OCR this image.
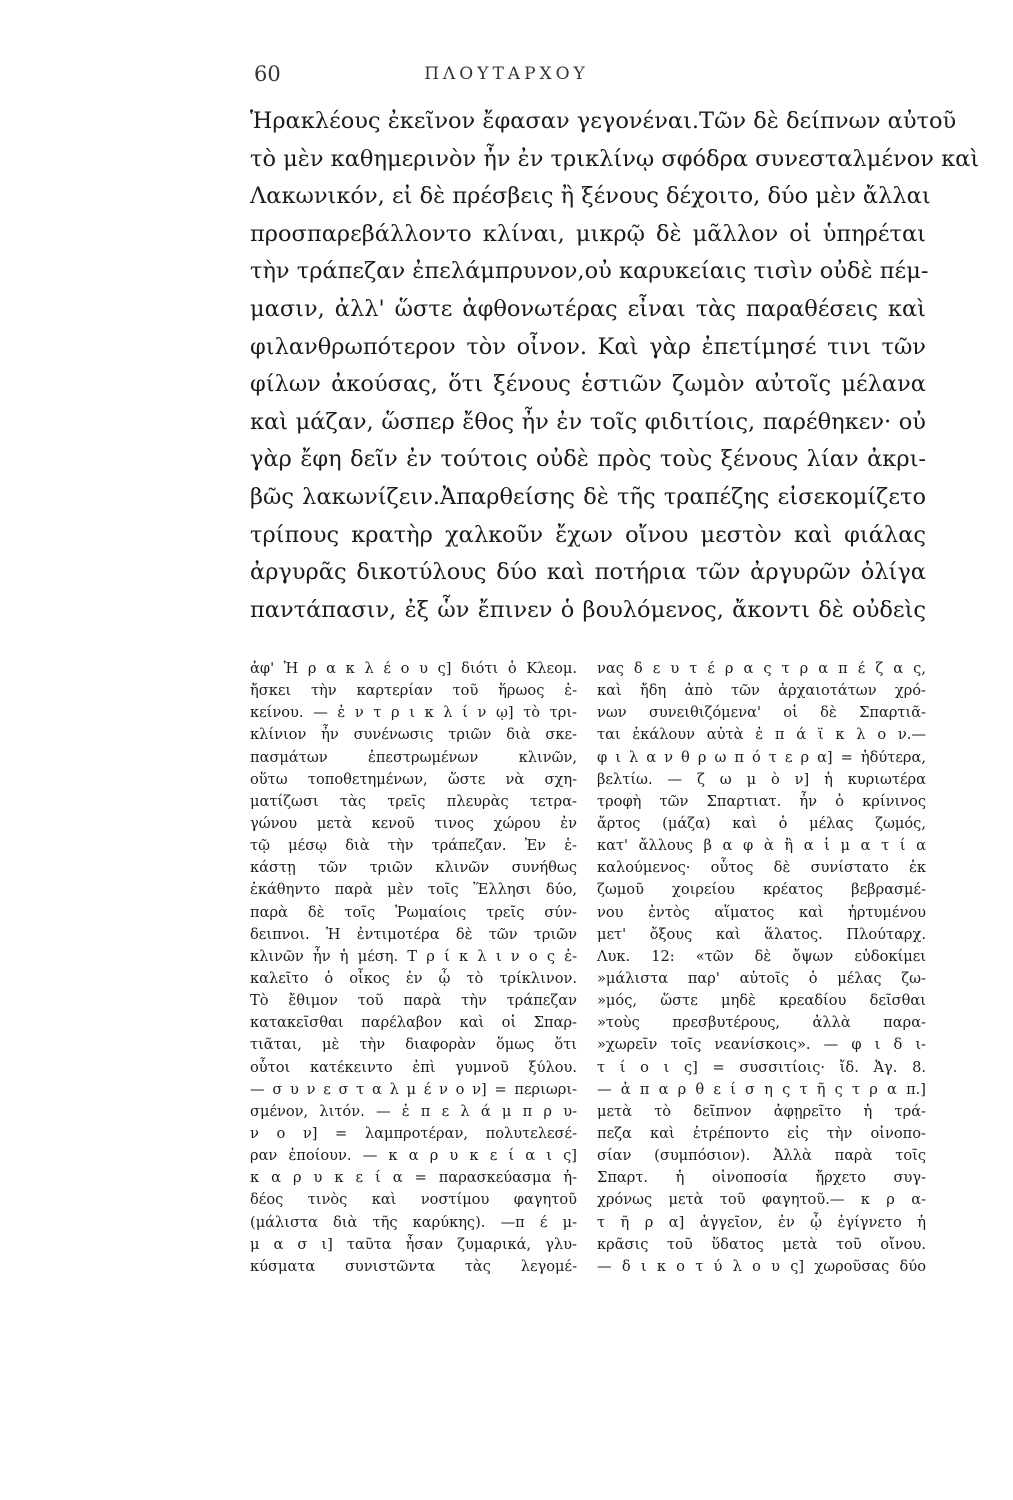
60	ΠΛΟΥΤΑΡΧΟΥ
Ἡρακλέους ἐκεῖνον ἔφασαν γεγονέναι.Τῶν δὲ δείπνων αὐτοῦ
τὸ μὲν καθημερινὸν ἦν ἐν τρικλίνῳ σφόδρα συνεσταλμένον καὶ
Λακωνικόν, εἰ δὲ πρέσβεις ἢ ξένους δέχοιτο, δύο μὲν ἄλλαι
προσπαρεβάλλοντο κλίναι, μικρῷ δὲ μᾶλλον οἱ ὑπηρέται
τὴν τράπεζαν ἐπελάμπρυνον,οὐ καρυκείαις τισὶν οὐδὲ πέμ-
μασιν, ἀλλ' ὥστε ἀφθονωτέρας εἶναι τὰς παραθέσεις καὶ
φιλανθρωπότερον τὸν οἶνον. Καὶ γὰρ ἐπετίμησέ τινι τῶν
φίλων ἀκούσας, ὅτι ξένους ἑστιῶν ζωμὸν αὐτοῖς μέλανα
καὶ μάζαν, ὥσπερ ἔθος ἦν ἐν τοῖς φιδιτίοις, παρέθηκεν· οὐ
γὰρ ἔφη δεῖν ἐν τούτοις οὐδὲ πρὸς τοὺς ξένους λίαν ἀκρι-
βῶς λακωνίζειν.Ἀπαρθείσης δὲ τῆς τραπέζης εἰσεκομίζετο
τρίπους κρατὴρ χαλκοῦν ἔχων οἴνου μεστὸν καὶ φιάλας
ἀργυρᾶς δικοτύλους δύο καὶ ποτήρια τῶν ἀργυρῶν ὀλίγα
παντάπασιν, ἐξ ὧν ἔπινεν ὁ βουλόμενος, ἄκοντι δὲ οὐδεὶς
ἀφ' Ἡ ρ α κ λ έ ο υ ς] διότι ὁ Κλεομ.
ἤσκει τὴν καρτερίαν τοῦ ἥρωος ἐ-
κείνου. — ἐ ν τ ρ ι κ λ ί ν ῳ] τὸ τρι-
κλίνιον ἦν συνένωσις τριῶν διὰ σκε-
πασμάτων ἐπεστρωμένων κλινῶν,
οὕτω τοποθετημένων, ὥστε νὰ σχη-
ματίζωσι τὰς τρεῖς πλευρὰς τετρα-
γώνου μετὰ κενοῦ τινος χώρου ἐν
τῷ μέσῳ διὰ τὴν τράπεζαν. Ἐν ἑ-
κάστῃ τῶν τριῶν κλινῶν συνήθως
ἐκάθηντο παρὰ μὲν τοῖς Ἕλλησι δύο,
παρὰ δὲ τοῖς Ῥωμαίοις τρεῖς σύν-
δειπνοι. Ἡ ἐντιμοτέρα δὲ τῶν τριῶν
κλινῶν ἦν ἡ μέση. Τ ρ ί κ λ ι ν ο ς ἐ-
καλεῖτο ὁ οἶκος ἐν ᾧ τὸ τρίκλινον.
Τὸ ἔθιμον τοῦ παρὰ τὴν τράπεζαν
κατακεῖσθαι παρέλαβον καὶ οἱ Σπαρ-
τιᾶται, μὲ τὴν διαφορὰν ὅμως ὅτι
οὗτοι κατέκειντο ἐπὶ γυμνοῦ ξύλου.
— σ υ ν ε σ τ α λ μ έ ν ο ν] = περιωρι-
σμένον, λιτόν. — ἐ π ε λ ά μ π ρ υ-
ν ο ν] = λαμπροτέραν, πολυτελεσέ-
ραν ἐποίουν. — κ α ρ υ κ ε ί α ι ς]
κ α ρ υ κ ε ί α = παρασκεύασμα ἡ-
δέος τινὸς καὶ νοστίμου φαγητοῦ
(μάλιστα διὰ τῆς καρύκης). —π έ μ-
μ α σ ι] ταῦτα ἦσαν ζυμαρικά, γλυ-
κύσματα συνιστῶντα τὰς λεγομέ-
νας δ ε υ τ έ ρ α ς τ ρ α π έ ζ α ς,
καὶ ἤδη ἀπὸ τῶν ἀρχαιοτάτων χρό-
νων συνειθιζόμενα' οἱ δὲ Σπαρτιᾶ-
ται ἐκάλουν αὐτὰ ἐ π ά ϊ κ λ ο ν.—
φ ι λ α ν θ ρ ω π ό τ ε ρ α] = ἡδύτερα,
βελτίω. — ζ ω μ ὸ ν] ἡ κυριωτέρα
τροφὴ τῶν Σπαρτιατ. ἦν ὁ κρίνινος
ἄρτος (μάζα) καὶ ὁ μέλας ζωμός,
κατ' ἄλλους β α φ ὰ ἢ α ἱ μ α τ ί α
καλούμενος· οὗτος δὲ συνίστατο ἐκ
ζωμοῦ χοιρείου κρέατος βεβρασμέ-
νου ἐντὸς αἵματος καὶ ἠρτυμένου
μετ' ὄξους καὶ ἅλατος. Πλούταρχ.
Λυκ. 12: «τῶν δὲ ὄψων εὐδοκίμει
»μάλιστα παρ' αὐτοῖς ὁ μέλας ζω-
»μός, ὥστε μηδὲ κρεαδίου δεῖσθαι
»τοὺς πρεσβυτέρους, ἀλλὰ παρα-
»χωρεῖν τοῖς νεανίσκοις». — φ ι δ ι-
τ ί ο ι ς] = συσσιτίοις· ἴδ. Ἀγ. 8.
— ἀ π α ρ θ ε ί σ η ς τ ῆ ς τ ρ α π.]
μετὰ τὸ δεῖπνον ἀφῃρεῖτο ἡ τρά-
πεζα καὶ ἐτρέποντο εἰς τὴν οἰνοπο-
σίαν (συμπόσιον). Ἀλλὰ παρὰ τοῖς
Σπαρτ. ἡ οἰνοποσία ἤρχετο συγ-
χρόνως μετὰ τοῦ φαγητοῦ.— κ ρ α-
τ ῆ ρ α] ἀγγεῖον, ἐν ᾧ ἐγίγνετο ἡ
κρᾶσις τοῦ ὕδατος μετὰ τοῦ οἴνου.
— δ ι κ ο τ ύ λ ο υ ς] χωροῦσας δύο
